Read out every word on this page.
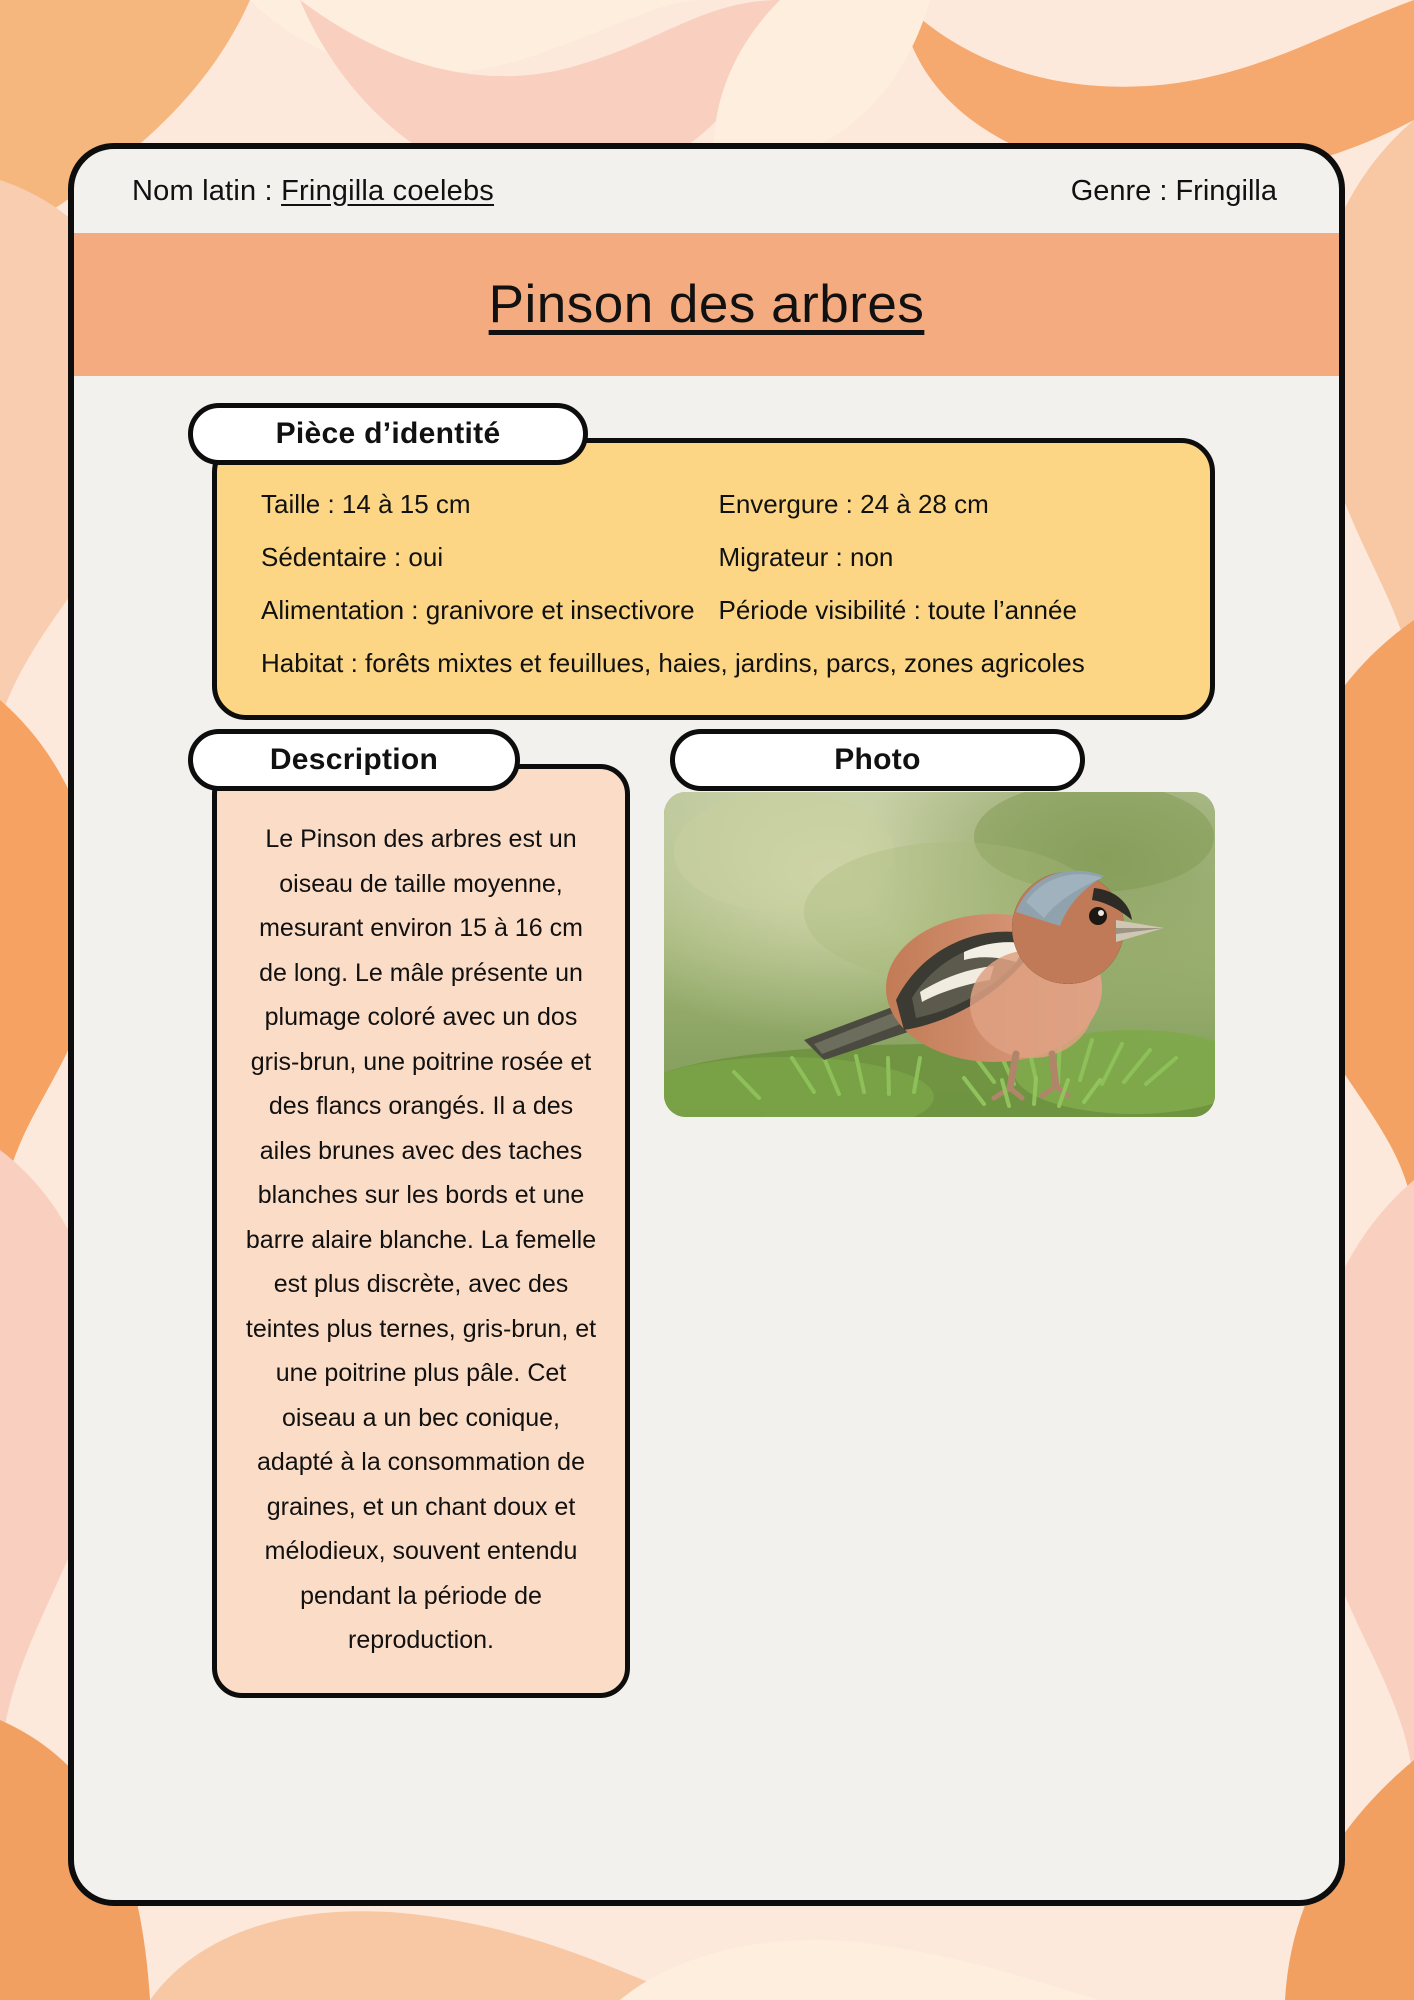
Nom latin : Fringilla coelebs	Genre : Fringilla
Pinson des arbres
Pièce d’identité
Taille : 14 à 15 cm	Envergure : 24 à 28 cm
Sédentaire : oui	Migrateur : non
Alimentation : granivore et insectivore Période visibilité : toute l’année
Habitat : forêts mixtes et feuillues, haies, jardins, parcs, zones agricoles
Description

Le Pinson des arbres est un oiseau de taille moyenne, mesurant environ 15 à 16 cm de long. Le mâle présente un plumage coloré avec un dos gris-brun, une poitrine rosée et des flancs orangés. Il a des ailes brunes avec des taches blanches sur les bords et une barre alaire blanche. La femelle est plus discrète, avec des teintes plus ternes, gris-brun, et une poitrine plus pâle. Cet oiseau a un bec conique, adapté à la consommation de graines, et un chant doux et mélodieux, souvent entendu pendant la période de reproduction.

Photo
